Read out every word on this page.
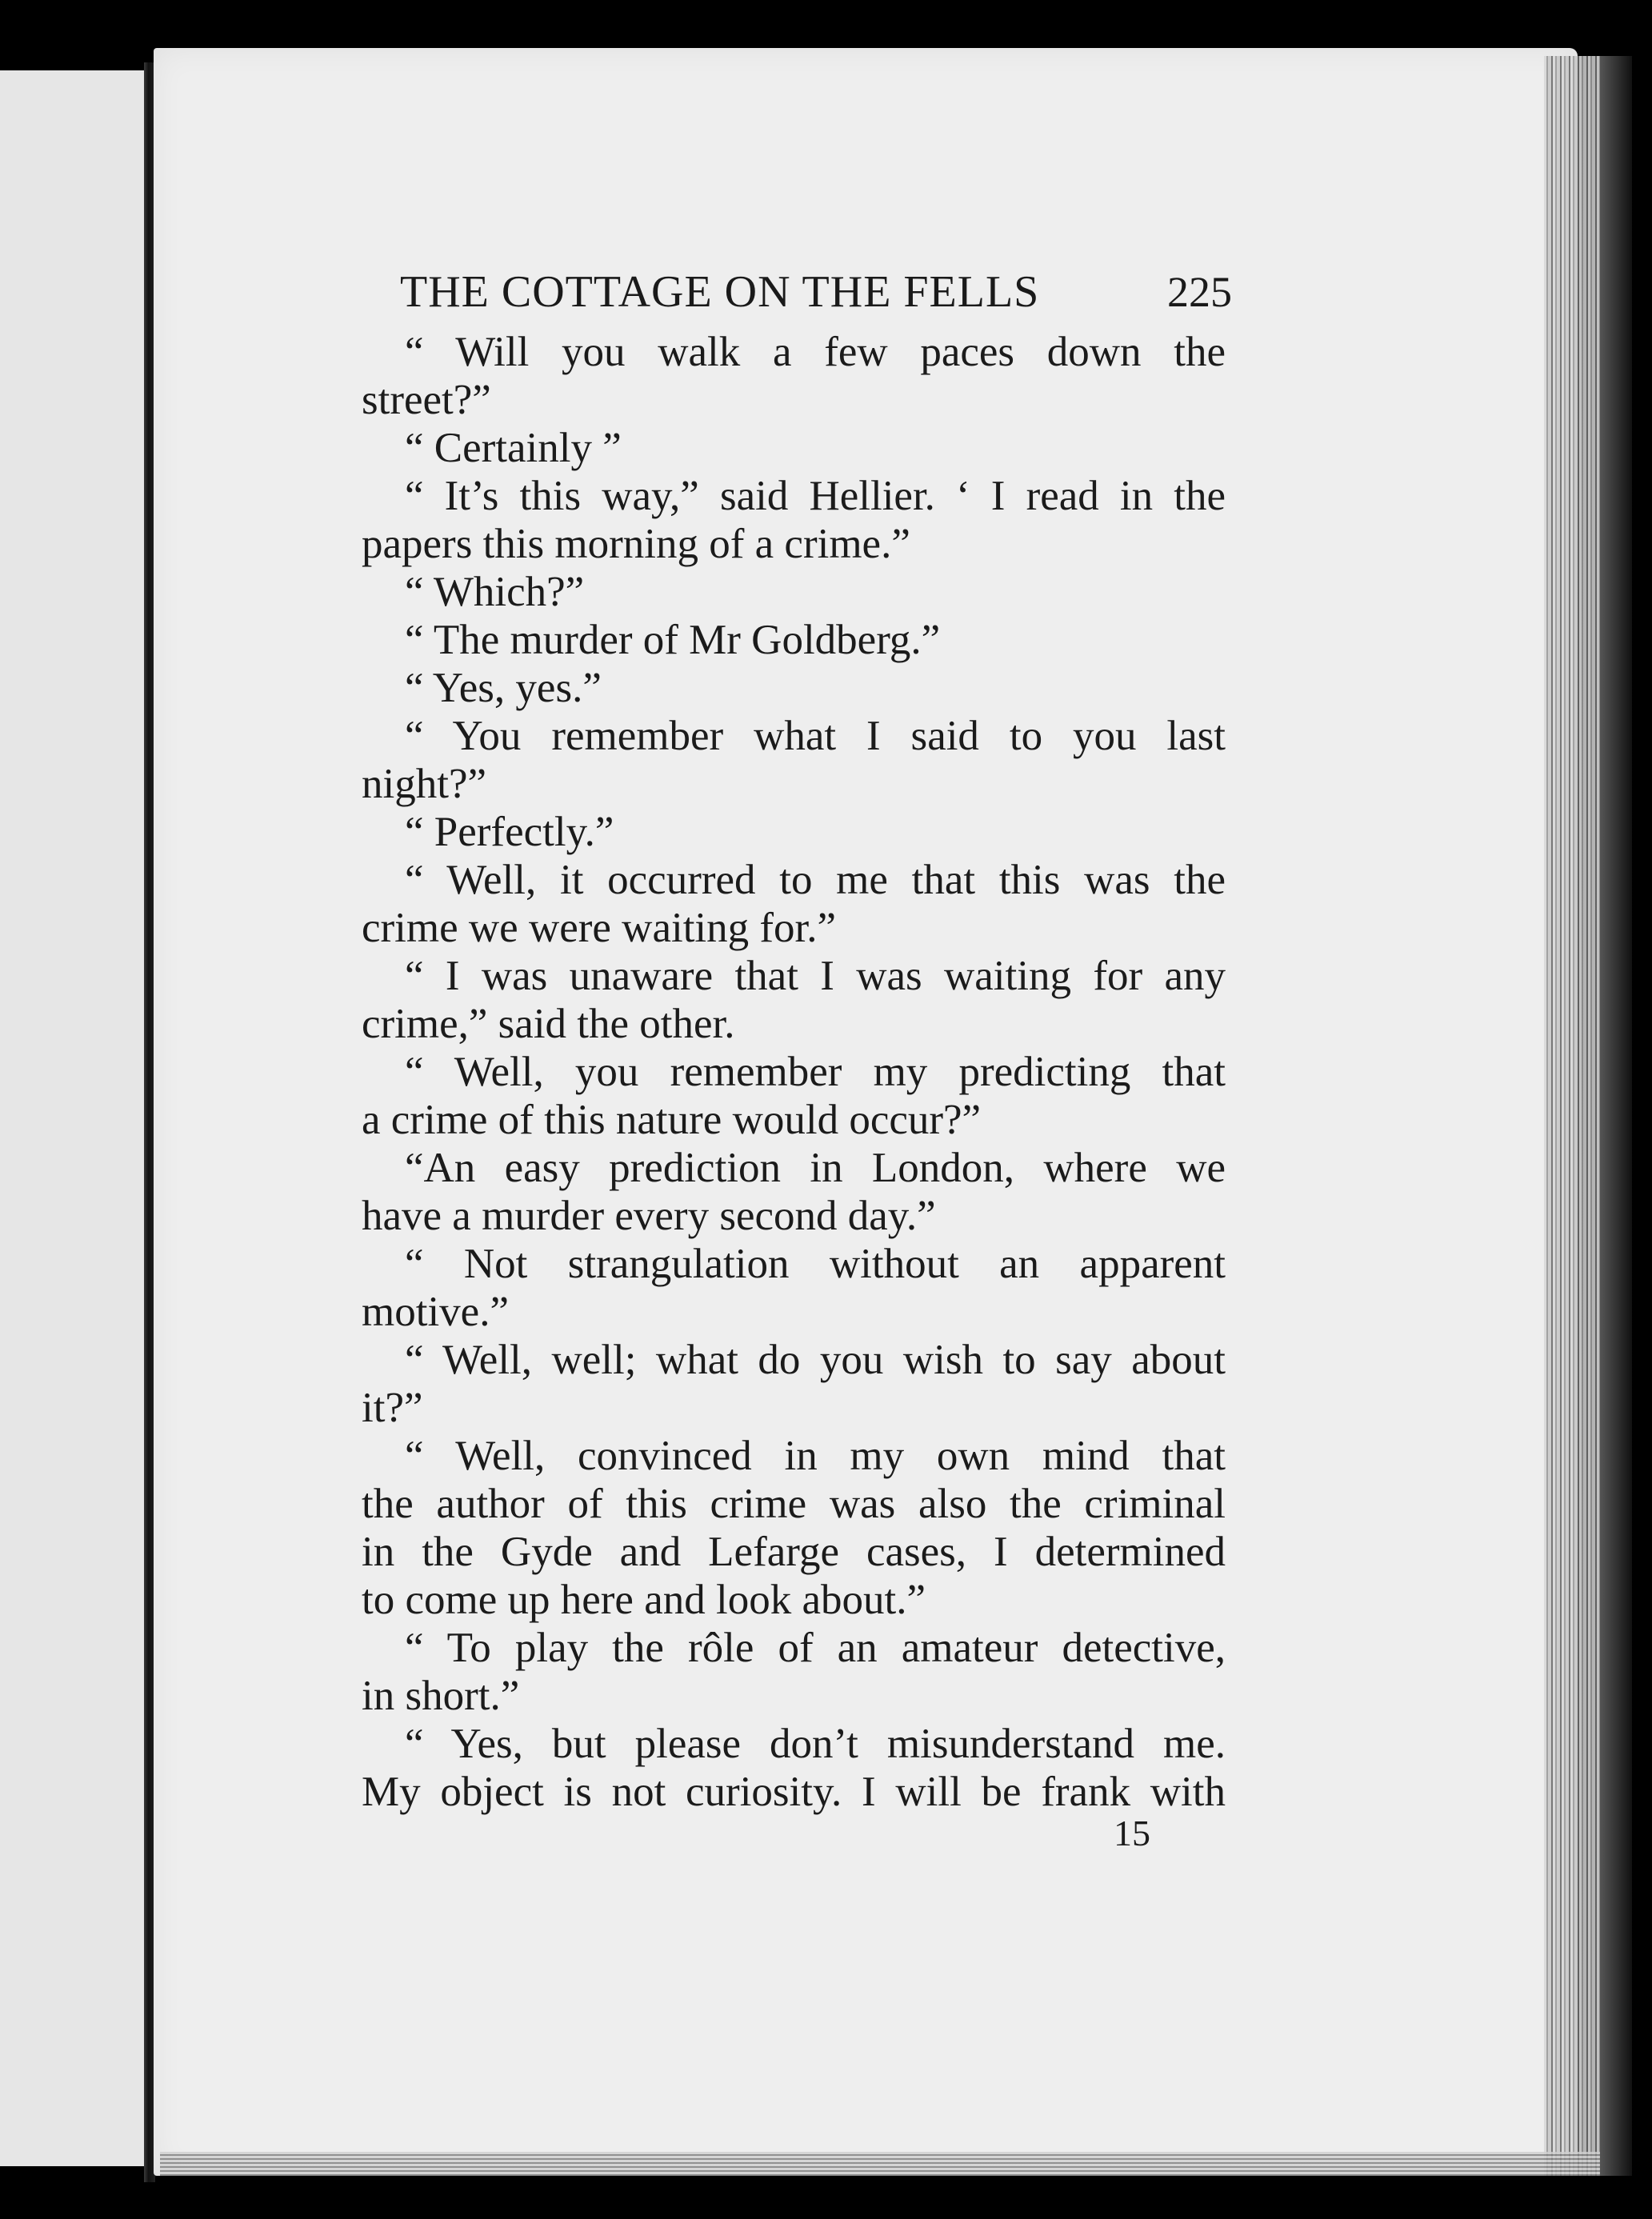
THE COTTAGE ON THE FELLS	225
“ Will you walk a few paces down the
street?”
“ Certainly ”
“ It’s this way,” said Hellier. ‘ I read in the
papers this morning of a crime.”
“ Which?”
“ The murder of Mr Goldberg.”
“ Yes, yes.”
“ You remember what I said to you last
night?”
“ Perfectly.”
“ Well, it occurred to me that this was the
crime we were waiting for.”
“ I was unaware that I was waiting for any
crime,” said the other.
“ Well, you remember my predicting that
a crime of this nature would occur?”
“An easy prediction in London, where we
have a murder every second day.”
“ Not strangulation without an apparent
motive.”
“ Well, well; what do you wish to say about
it?”
“ Well, convinced in my own mind that
the author of this crime was also the criminal
in the Gyde and Lefarge cases, I determined
to come up here and look about.”
“ To play the rôle of an amateur detective,
in short.”
“ Yes, but please don’t misunderstand me.
My object is not curiosity. I will be frank with
15
